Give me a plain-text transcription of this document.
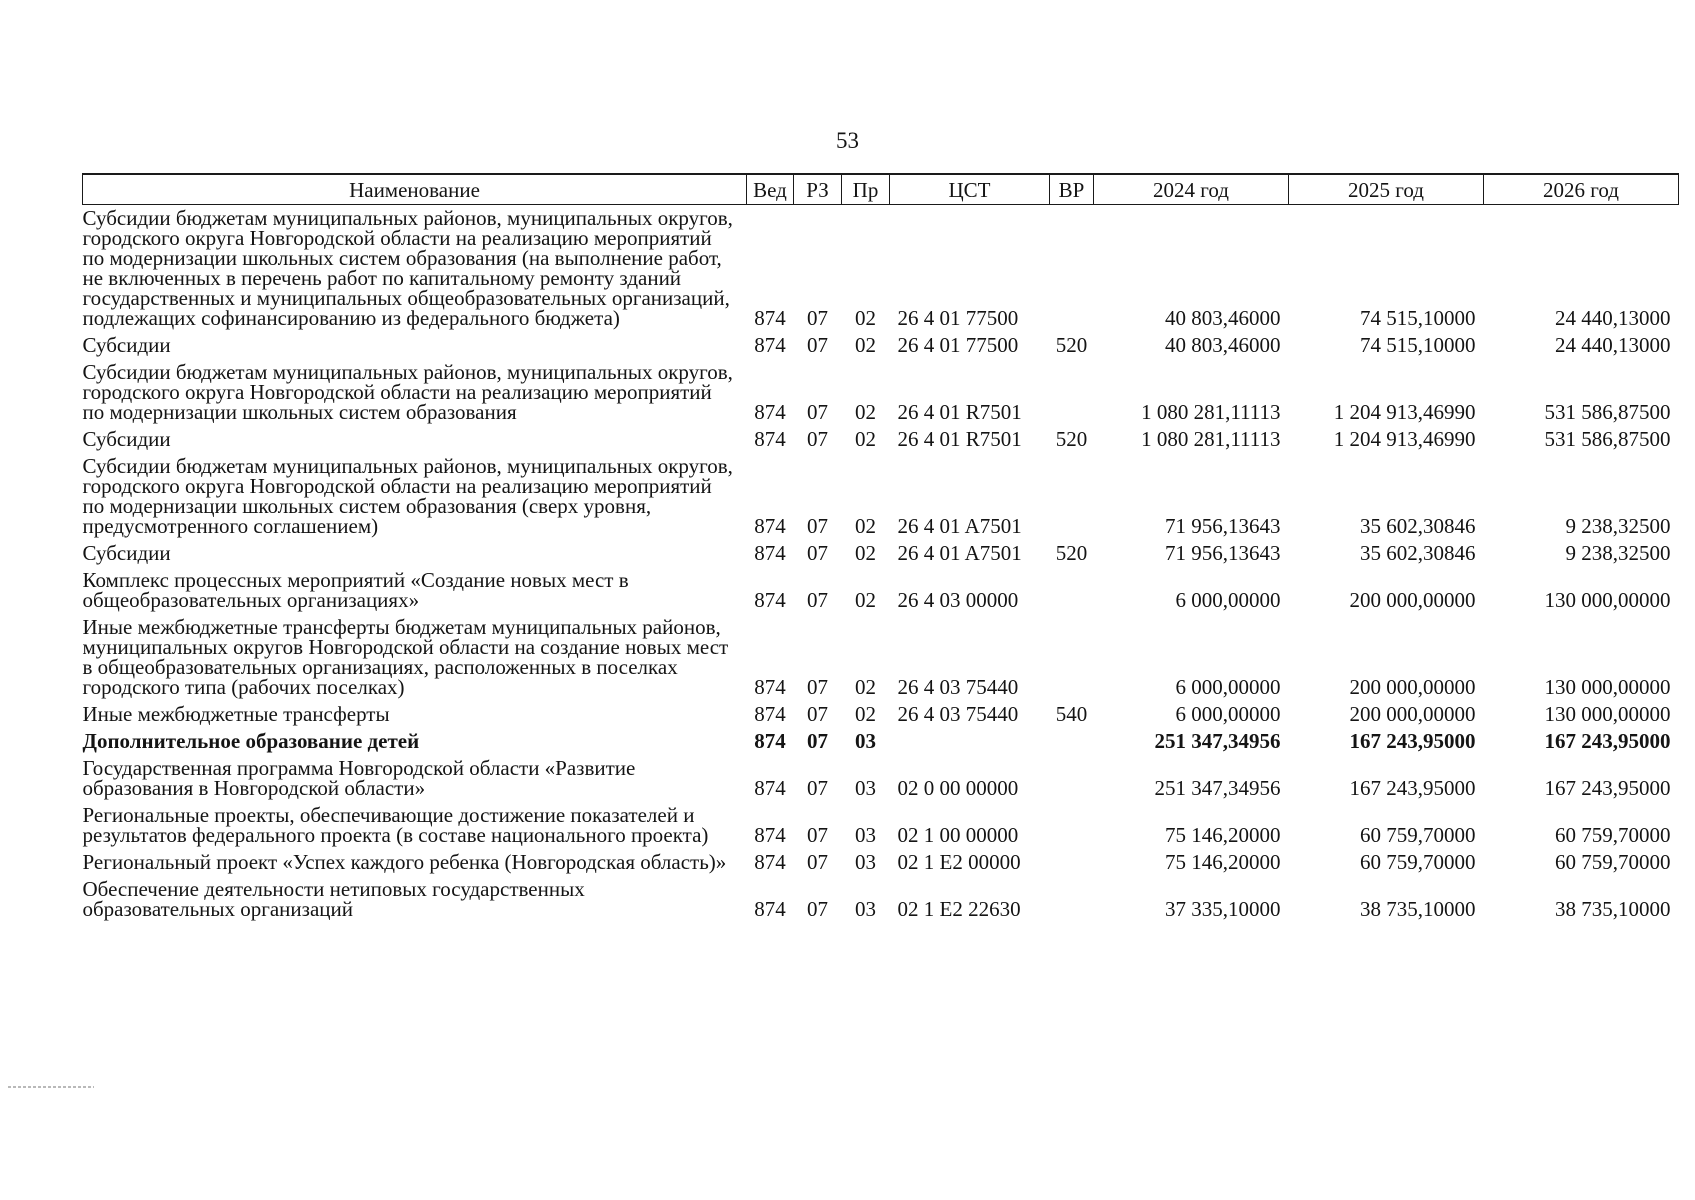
53
Наименование	Вед	РЗ	Пр	ЦСТ	ВР	2024 год	2025 год	2026 год
Субсидии бюджетам муниципальных районов, муниципальных округов, городского округа Новгородской области на реализацию мероприятий по модернизации школьных систем образования (на выполнение работ, не включенных в перечень работ по капитальному ремонту зданий государственных и муниципальных общеобразовательных организаций, подлежащих софинансированию из федерального бюджета)	874	07	02	26 4 01 77500		40 803,46000	74 515,10000	24 440,13000
Субсидии	874	07	02	26 4 01 77500	520	40 803,46000	74 515,10000	24 440,13000
Субсидии бюджетам муниципальных районов, муниципальных округов, городского округа Новгородской области на реализацию мероприятий по модернизации школьных систем образования	874	07	02	26 4 01 R7501		1 080 281,11113	1 204 913,46990	531 586,87500
Субсидии	874	07	02	26 4 01 R7501	520	1 080 281,11113	1 204 913,46990	531 586,87500
Субсидии бюджетам муниципальных районов, муниципальных округов, городского округа Новгородской области на реализацию мероприятий по модернизации школьных систем образования (сверх уровня, предусмотренного соглашением)	874	07	02	26 4 01 A7501		71 956,13643	35 602,30846	9 238,32500
Субсидии	874	07	02	26 4 01 A7501	520	71 956,13643	35 602,30846	9 238,32500
Комплекс процессных мероприятий «Создание новых мест в общеобразовательных организациях»	874	07	02	26 4 03 00000		6 000,00000	200 000,00000	130 000,00000
Иные межбюджетные трансферты бюджетам муниципальных районов, муниципальных округов Новгородской области на создание новых мест в общеобразовательных организациях, расположенных в поселках городского типа (рабочих поселках)	874	07	02	26 4 03 75440		6 000,00000	200 000,00000	130 000,00000
Иные межбюджетные трансферты	874	07	02	26 4 03 75440	540	6 000,00000	200 000,00000	130 000,00000
Дополнительное образование детей	874	07	03			251 347,34956	167 243,95000	167 243,95000
Государственная программа Новгородской области «Развитие образования в Новгородской области»	874	07	03	02 0 00 00000		251 347,34956	167 243,95000	167 243,95000
Региональные проекты, обеспечивающие достижение показателей и результатов федерального проекта (в составе национального проекта)	874	07	03	02 1 00 00000		75 146,20000	60 759,70000	60 759,70000
Региональный проект «Успех каждого ребенка (Новгородская область)»	874	07	03	02 1 E2 00000		75 146,20000	60 759,70000	60 759,70000
Обеспечение деятельности нетиповых государственных образовательных организаций	874	07	03	02 1 E2 22630		37 335,10000	38 735,10000	38 735,10000
